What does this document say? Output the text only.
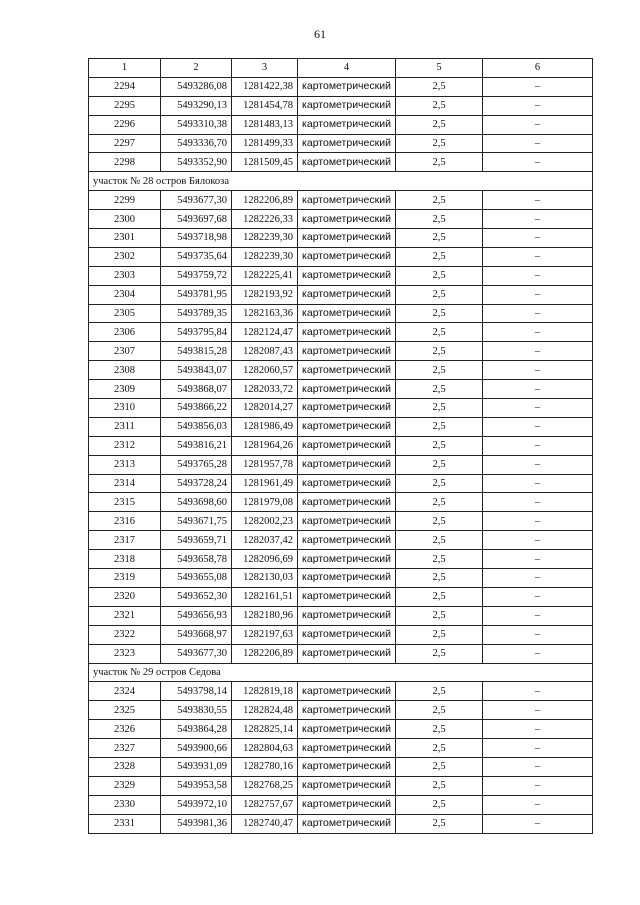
61
1	2	3	4	5	6
2294	5493286,08	1281422,38	картометрический	2,5	–
2295	5493290,13	1281454,78	картометрический	2,5	–
2296	5493310,38	1281483,13	картометрический	2,5	–
2297	5493336,70	1281499,33	картометрический	2,5	–
2298	5493352,90	1281509,45	картометрический	2,5	–
участок № 28 остров Бялокоза					
2299	5493677,30	1282206,89	картометрический	2,5	–
2300	5493697,68	1282226,33	картометрический	2,5	–
2301	5493718,98	1282239,30	картометрический	2,5	–
2302	5493735,64	1282239,30	картометрический	2,5	–
2303	5493759,72	1282225,41	картометрический	2,5	–
2304	5493781,95	1282193,92	картометрический	2,5	–
2305	5493789,35	1282163,36	картометрический	2,5	–
2306	5493795,84	1282124,47	картометрический	2,5	–
2307	5493815,28	1282087,43	картометрический	2,5	–
2308	5493843,07	1282060,57	картометрический	2,5	–
2309	5493868,07	1282033,72	картометрический	2,5	–
2310	5493866,22	1282014,27	картометрический	2,5	–
2311	5493856,03	1281986,49	картометрический	2,5	–
2312	5493816,21	1281964,26	картометрический	2,5	–
2313	5493765,28	1281957,78	картометрический	2,5	–
2314	5493728,24	1281961,49	картометрический	2,5	–
2315	5493698,60	1281979,08	картометрический	2,5	–
2316	5493671,75	1282002,23	картометрический	2,5	–
2317	5493659,71	1282037,42	картометрический	2,5	–
2318	5493658,78	1282096,69	картометрический	2,5	–
2319	5493655,08	1282130,03	картометрический	2,5	–
2320	5493652,30	1282161,51	картометрический	2,5	–
2321	5493656,93	1282180,96	картометрический	2,5	–
2322	5493668,97	1282197,63	картометрический	2,5	–
2323	5493677,30	1282206,89	картометрический	2,5	–
участок № 29 остров Седова					
2324	5493798,14	1282819,18	картометрический	2,5	–
2325	5493830,55	1282824,48	картометрический	2,5	–
2326	5493864,28	1282825,14	картометрический	2,5	–
2327	5493900,66	1282804,63	картометрический	2,5	–
2328	5493931,09	1282780,16	картометрический	2,5	–
2329	5493953,58	1282768,25	картометрический	2,5	–
2330	5493972,10	1282757,67	картометрический	2,5	–
2331	5493981,36	1282740,47	картометрический	2,5	–
